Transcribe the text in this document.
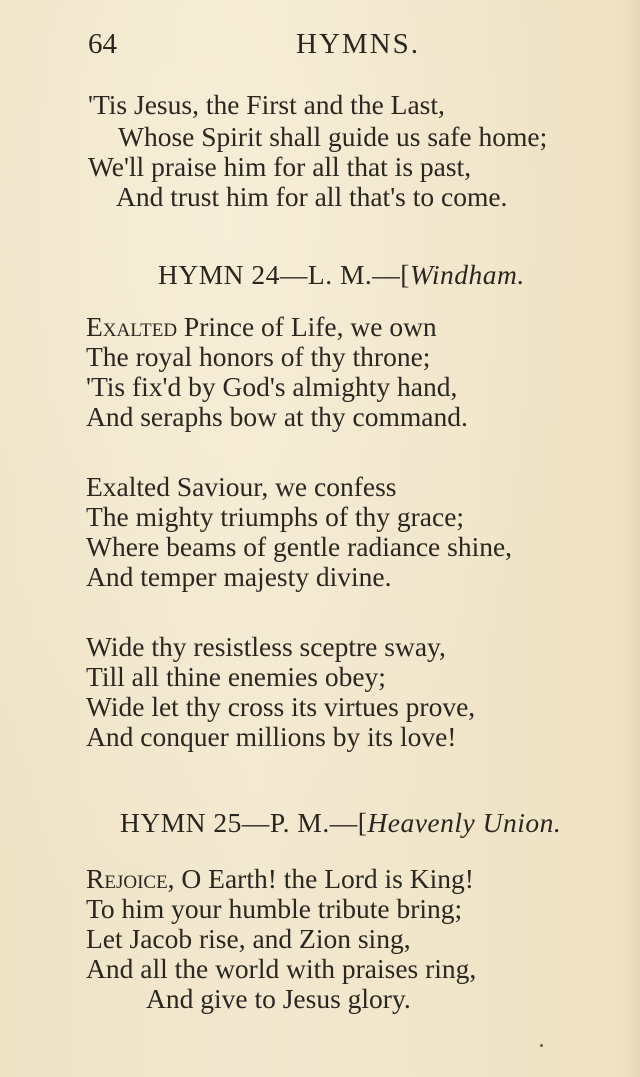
64	HYMNS.
'Tis Jesus, the First and the Last,
Whose Spirit shall guide us safe home;
We'll praise him for all that is past,
And trust him for all that's to come.
HYMN 24—L. M.—[Windham.
Exalted Prince of Life, we own
The royal honors of thy throne;
'Tis fix'd by God's almighty hand,
And seraphs bow at thy command.
Exalted Saviour, we confess
The mighty triumphs of thy grace;
Where beams of gentle radiance shine,
And temper majesty divine.
Wide thy resistless sceptre sway,
Till all thine enemies obey;
Wide let thy cross its virtues prove,
And conquer millions by its love!
HYMN 25—P. M.—[Heavenly Union.
Rejoice, O Earth! the Lord is King!
To him your humble tribute bring;
Let Jacob rise, and Zion sing,
And all the world with praises ring,
And give to Jesus glory.
